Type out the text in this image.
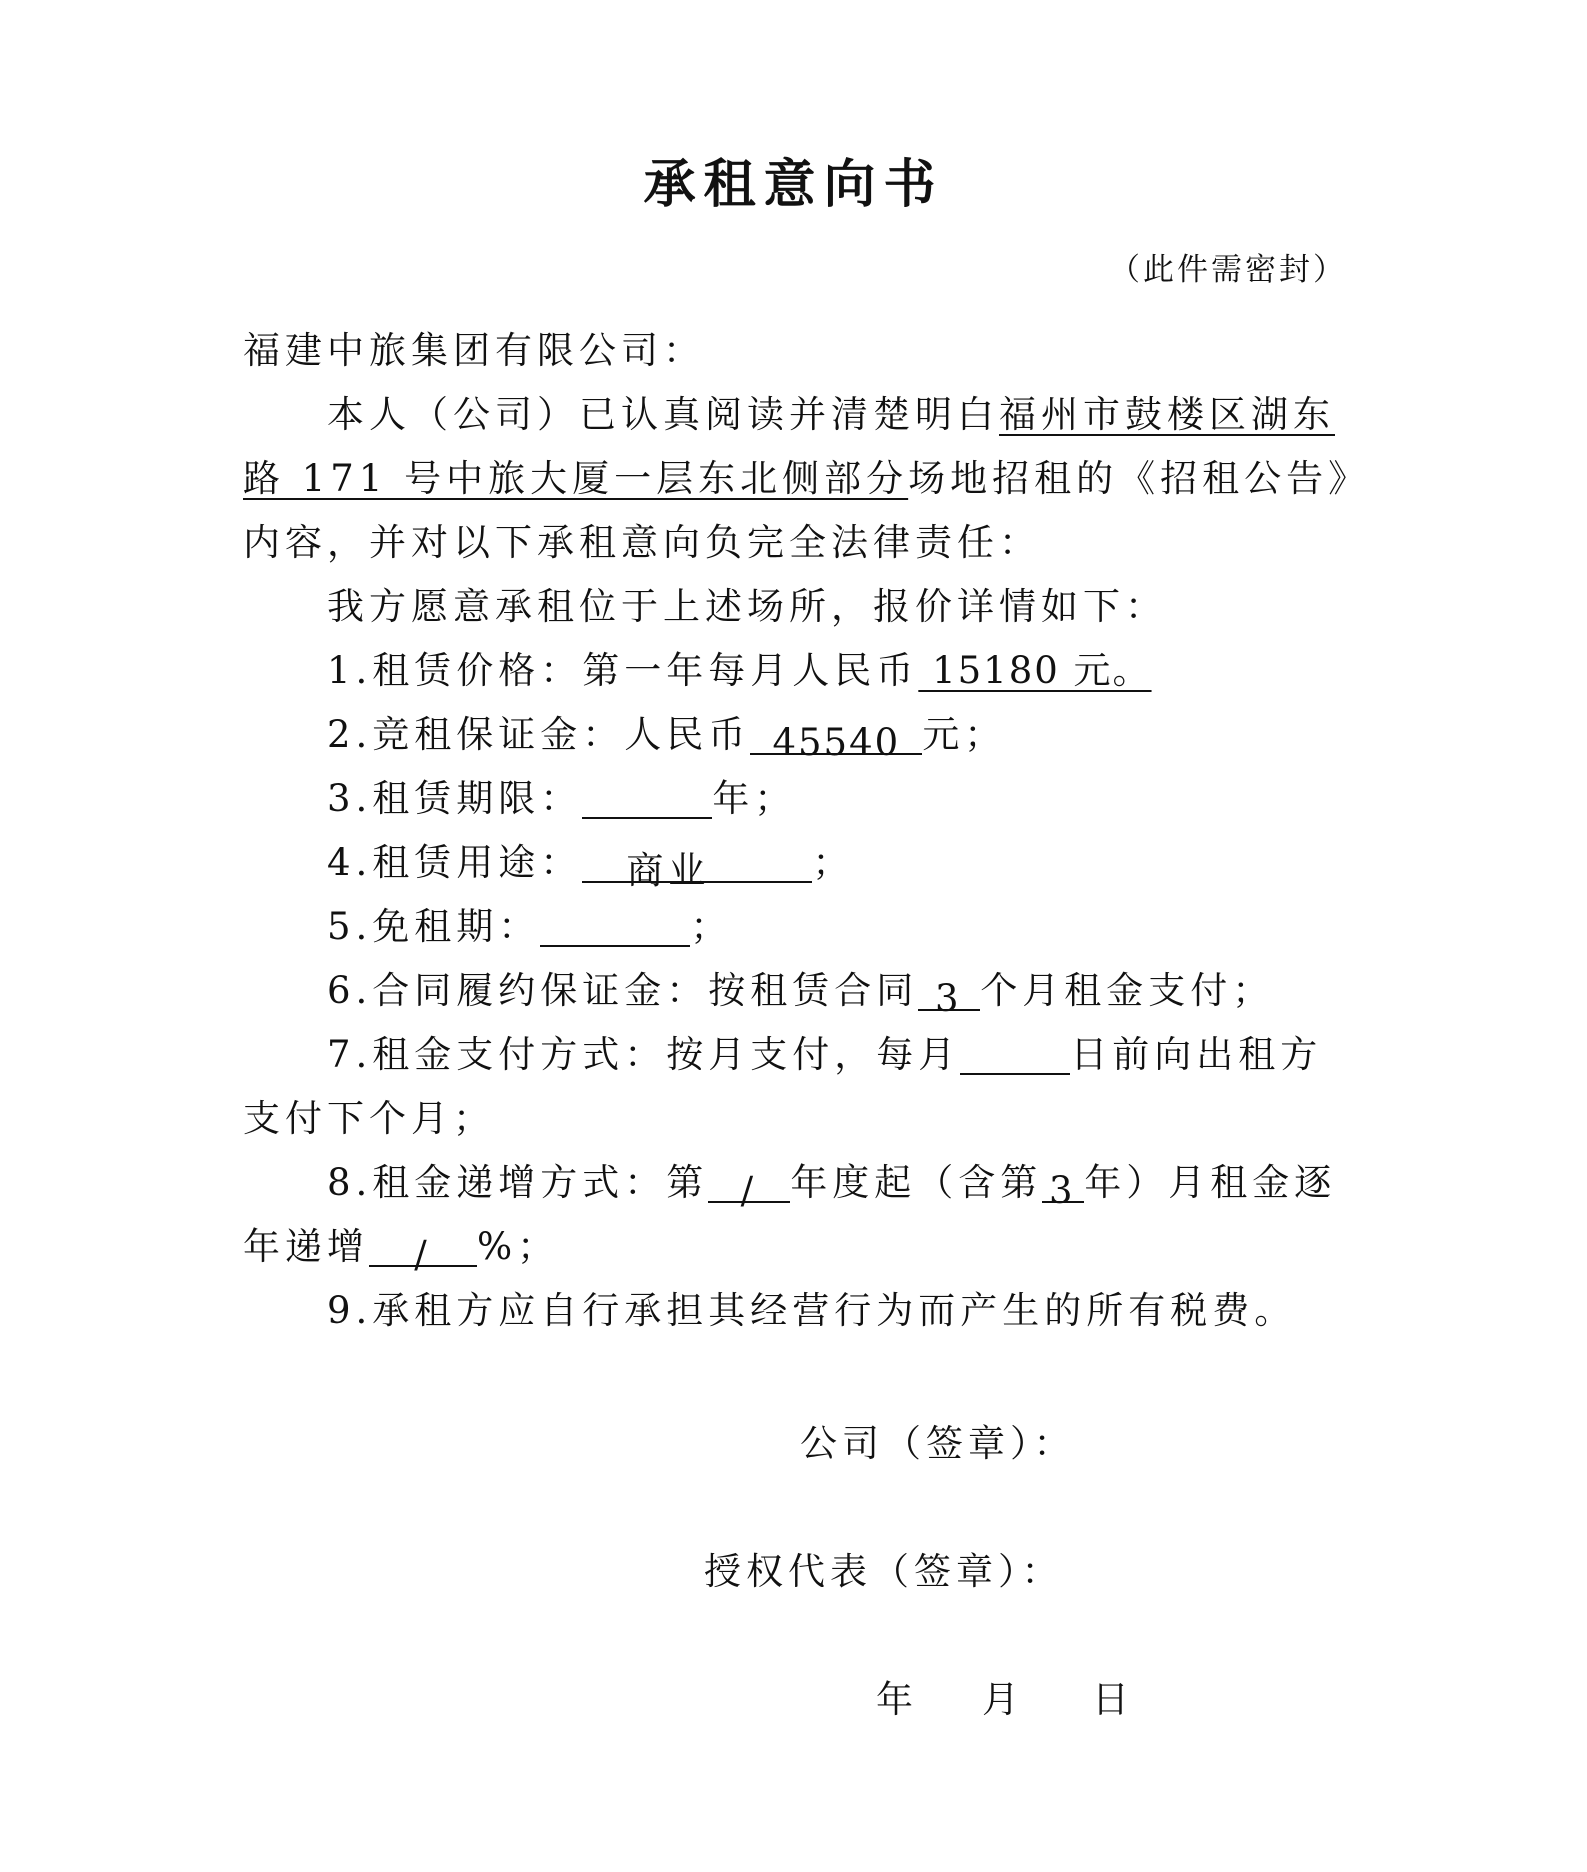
承租意向书
（此件需密封）
福建中旅集团有限公司：
本人（公司）已认真阅读并清楚明白福州市鼓楼区湖东
路 171 号中旅大厦一层东北侧部分场地招租的《招租公告》
内容，并对以下承租意向负完全法律责任：
我方愿意承租位于上述场所，报价详情如下：
1.租赁价格：第一年每月人民币 15180 元。
2.竞租保证金：人民币 45540 元；
3.租赁期限：	年；
4.租赁用途： 商业	；
5.免租期：	；
6.合同履约保证金：按租赁合同 3 个月租金支付；
7.租金支付方式：按月支付，每月	日前向出租方
支付下个月；
8.租金递增方式：第 / 年度起（含第 3 年）月租金逐
年递增 / %；
9.承租方应自行承担其经营行为而产生的所有税费。
公司（签章）：
授权代表（签章）：
年 月 日
